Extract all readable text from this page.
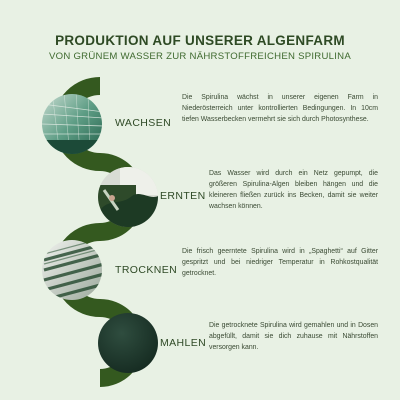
PRODUKTION AUF UNSERER ALGENFARM
VON GRÜNEM WASSER ZUR NÄHRSTOFFREICHEN SPIRULINA
WACHSEN
Die Spirulina wächst in unserer eigenen Farm in Niederösterreich unter kontrollierten Bedingungen. In 10cm tiefen Wasserbecken vermehrt sie sich durch Photosynthese.
ERNTEN
Das Wasser wird durch ein Netz gepumpt, die größeren Spirulina-Algen bleiben hängen und die kleineren fließen zurück ins Becken, damit sie weiter wachsen können.
TROCKNEN
Die frisch geerntete Spirulina wird in „Spaghetti“ auf Gitter gespritzt und bei niedriger Temperatur in Rohkostqualität getrocknet.
MAHLEN
Die getrocknete Spirulina wird gemahlen und in Dosen abgefüllt, damit sie dich zuhause mit Nährstoffen versorgen kann.
